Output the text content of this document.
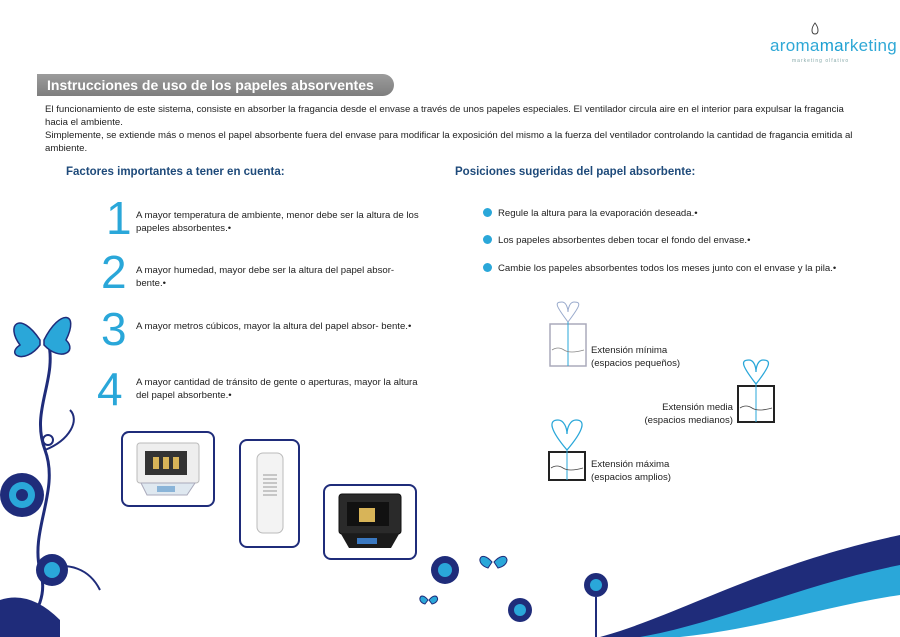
aromamarketing
marketing olfativo
Instrucciones de uso de los papeles absorventes

El funcionamiento de este sistema, consiste en absorber la fragancia desde el envase a través de unos papeles especiales. El ventilador circula aire en el interior para expulsar la fragancia hacia el ambiente.

Simplemente, se extiende más o menos el papel absorbente fuera del envase para modificar la exposición del mismo a la fuerza del ventilador controlando la cantidad de fragancia emitida al ambiente.

Factores importantes a tener en cuenta:	Posiciones sugeridas del papel absorbente:
1 A mayor temperatura de ambiente, menor debe ser la altura de los papeles absorbentes.•
2 A mayor humedad, mayor debe ser la altura del papel absor- bente.•
3 A mayor metros cúbicos, mayor la altura del papel absor- bente.•
4 A mayor cantidad de tránsito de gente o aperturas, mayor la altura del papel absorbente.•
Regule la altura para la evaporación deseada.•
Los papeles absorbentes deben tocar el fondo del envase.•
Cambie los papeles absorbentes todos los meses junto con el envase y la pila.•
Extensión mínima
(espacios pequeños)
Extensión media
(espacios medianos)
Extensión máxima
(espacios amplios)
